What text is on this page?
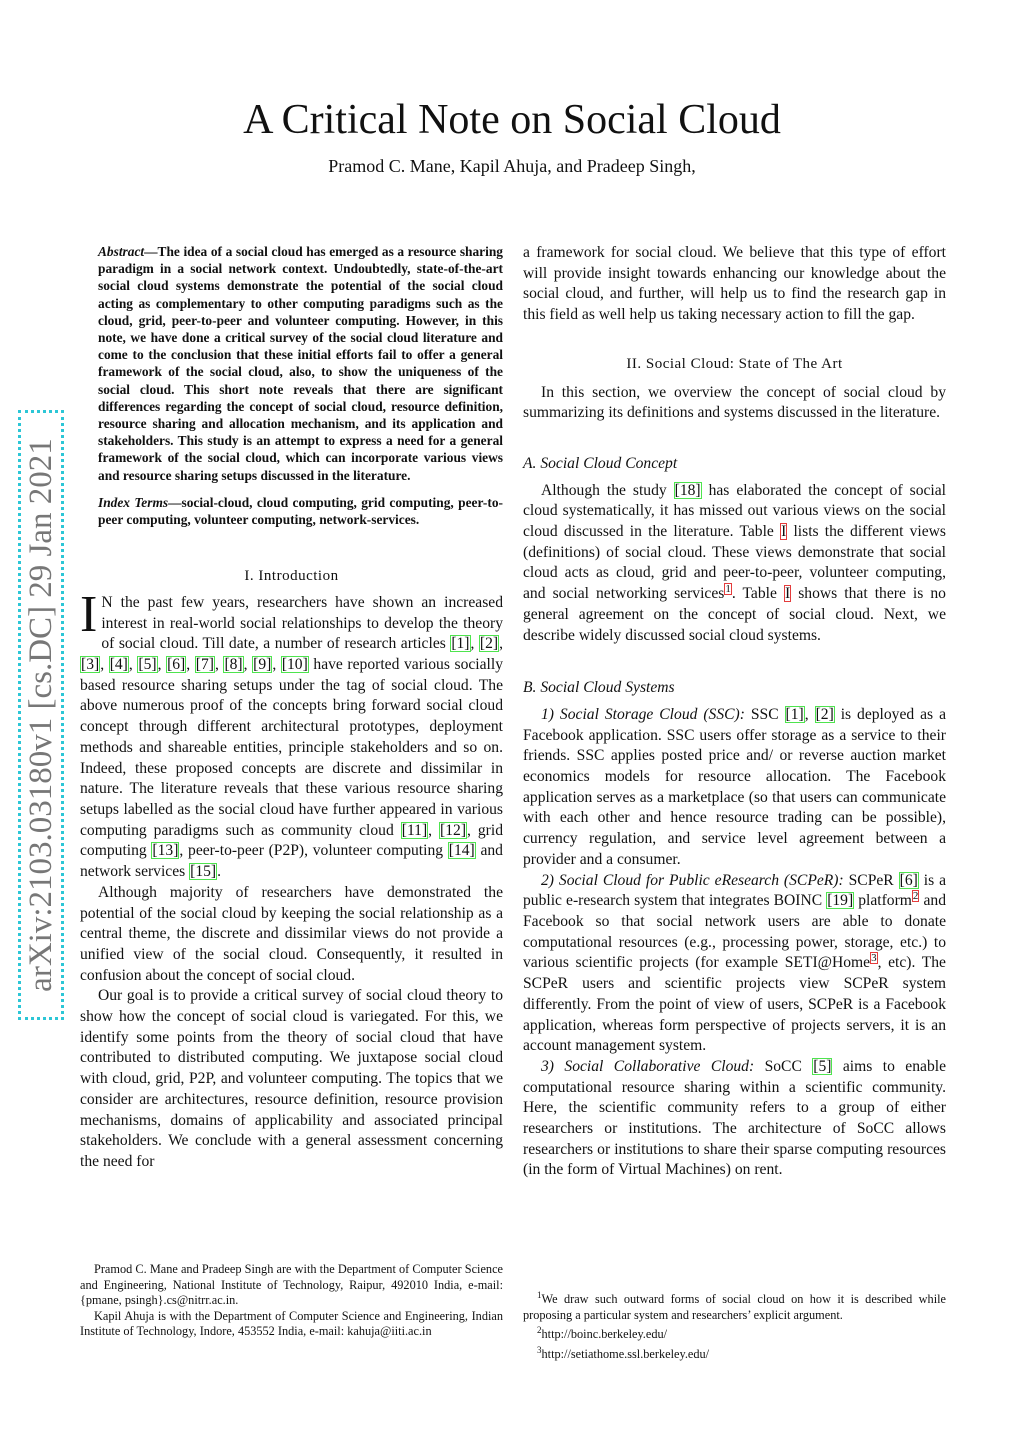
arXiv:2103.03180v1 [cs.DC] 29 Jan 2021
A Critical Note on Social Cloud

Pramod C. Mane, Kapil Ahuja, and Pradeep Singh,

Abstract—The idea of a social cloud has emerged as a resource sharing paradigm in a social network context. Undoubtedly, state-of-the-art social cloud systems demonstrate the potential of the social cloud acting as complementary to other computing paradigms such as the cloud, grid, peer-to-peer and volunteer computing. However, in this note, we have done a critical survey of the social cloud literature and come to the conclusion that these initial efforts fail to offer a general framework of the social cloud, also, to show the uniqueness of the social cloud. This short note reveals that there are significant differences regarding the concept of social cloud, resource definition, resource sharing and allocation mechanism, and its application and stakeholders. This study is an attempt to express a need for a general framework of the social cloud, which can incorporate various views and resource sharing setups discussed in the literature.

Index Terms—social-cloud, cloud computing, grid computing, peer-to-peer computing, volunteer computing, network-services.

I. Introduction

I N the past few years, researchers have shown an increased interest in real-world social relationships to develop the theory of social cloud. Till date, a number of research articles [1], [2], [3], [4], [5], [6], [7], [8], [9], [10] have reported various socially based resource sharing setups under the tag of social cloud. The above numerous proof of the concepts bring forward social cloud concept through different architectural prototypes, deployment methods and shareable entities, principle stakeholders and so on. Indeed, these proposed concepts are discrete and dissimilar in nature. The literature reveals that these various resource sharing setups labelled as the social cloud have further appeared in various computing paradigms such as community cloud [11], [12], grid computing [13], peer-to-peer (P2P), volunteer computing [14] and network services [15].

Although majority of researchers have demonstrated the potential of the social cloud by keeping the social relationship as a central theme, the discrete and dissimilar views do not provide a unified view of the social cloud. Consequently, it resulted in confusion about the concept of social cloud.

Our goal is to provide a critical survey of social cloud theory to show how the concept of social cloud is variegated. For this, we identify some points from the theory of social cloud that have contributed to distributed computing. We juxtapose social cloud with cloud, grid, P2P, and volunteer computing. The topics that we consider are architectures, resource definition, resource provision mechanisms, domains of applicability and associated principal stakeholders. We conclude with a general assessment concerning the need for

a framework for social cloud. We believe that this type of effort will provide insight towards enhancing our knowledge about the social cloud, and further, will help us to find the research gap in this field as well help us taking necessary action to fill the gap.

II. Social Cloud: State of The Art

In this section, we overview the concept of social cloud by summarizing its definitions and systems discussed in the literature.

A. Social Cloud Concept

Although the study [18] has elaborated the concept of social cloud systematically, it has missed out various views on the social cloud discussed in the literature. Table I lists the different views (definitions) of social cloud. These views demonstrate that social cloud acts as cloud, grid and peer-to-peer, volunteer computing, and social networking services$^1$. Table I shows that there is no general agreement on the concept of social cloud. Next, we describe widely discussed social cloud systems.

B. Social Cloud Systems

1) Social Storage Cloud (SSC): SSC [1], [2] is deployed as a Facebook application. SSC users offer storage as a service to their friends. SSC applies posted price and/ or reverse auction market economics models for resource allocation. The Facebook application serves as a marketplace (so that users can communicate with each other and hence resource trading can be possible), currency regulation, and service level agreement between a provider and a consumer.

2) Social Cloud for Public eResearch (SCPeR): SCPeR [6] is a public e-research system that integrates BOINC [19] platform$^2$ and Facebook so that social network users are able to donate computational resources (e.g., processing power, storage, etc.) to various scientific projects (for example SETI@Home$^3$, etc). The SCPeR users and scientific projects view SCPeR system differently. From the point of view of users, SCPeR is a Facebook application, whereas form perspective of projects servers, it is an account management system.

3) Social Collaborative Cloud: SoCC [5] aims to enable computational resource sharing within a scientific community. Here, the scientific community refers to a group of either researchers or institutions. The architecture of SoCC allows researchers or institutions to share their sparse computing resources (in the form of Virtual Machines) on rent.

Pramod C. Mane and Pradeep Singh are with the Department of Computer Science and Engineering, National Institute of Technology, Raipur, 492010 India, e-mail: {pmane, psingh}.cs@nitrr.ac.in.

Kapil Ahuja is with the Department of Computer Science and Engineering, Indian Institute of Technology, Indore, 453552 India, e-mail: kahuja@iiti.ac.in

$^1$We draw such outward forms of social cloud on how it is described while proposing a particular system and researchers’ explicit argument.

$^2$http://boinc.berkeley.edu/

$^3$http://setiathome.ssl.berkeley.edu/
